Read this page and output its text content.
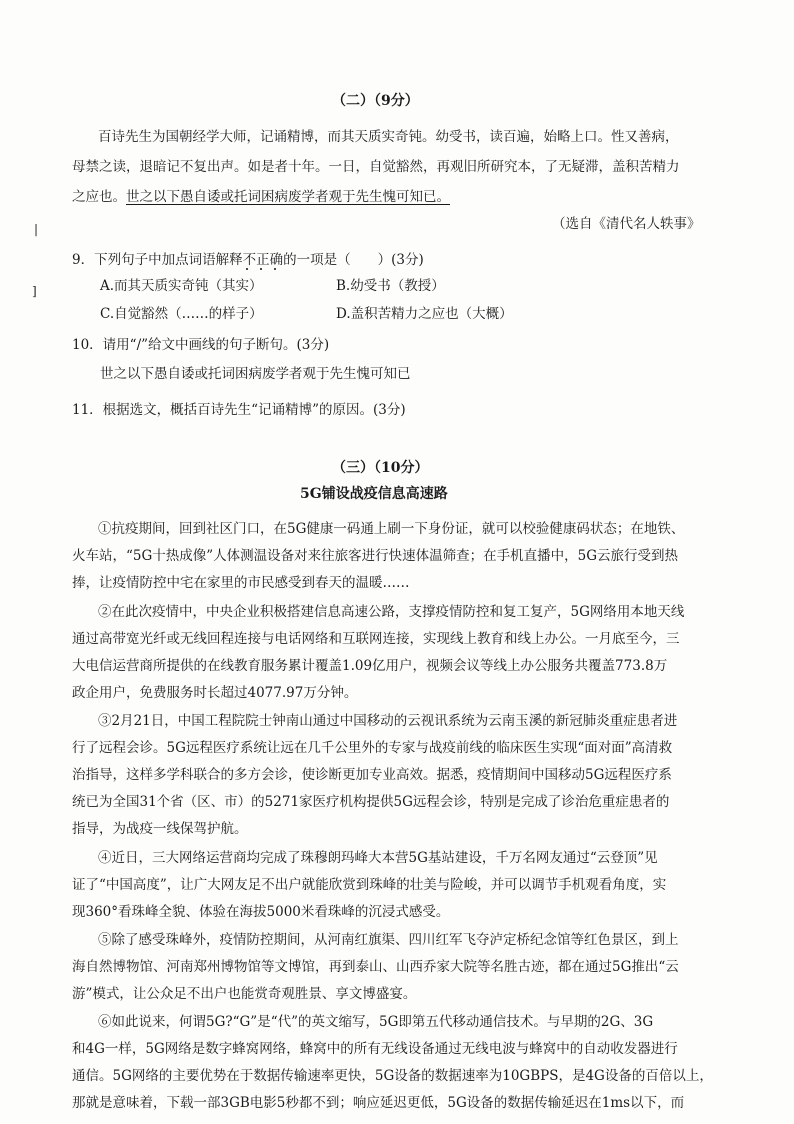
|
]
（二）（9分）
百诗先生为国朝经学大师，记诵精博，而其天质实奇钝。幼受书，读百遍，始略上口。性又善病，
母禁之读，退暗记不复出声。如是者十年。一日，自觉豁然，再观旧所研究本，了无疑滞，盖积苦精力
之应也。世之以下愚自诿或托词困病废学者观于先生愧可知已。
（选自《清代名人轶事》
9．下列句子中加点词语解释不正确的一项是（　　）(3分)
A.而其天质实奇钝（其实）	B.幼受书（教授）
C.自觉豁然（……的样子）	D.盖积苦精力之应也（大概）
10．请用“/”给文中画线的句子断句。(3分)
世之以下愚自诿或托词困病废学者观于先生愧可知已
11．根据选文，概括百诗先生“记诵精博”的原因。(3分)
（三）（10分）
5G铺设战疫信息高速路
①抗疫期间，回到社区门口，在5G健康一码通上刷一下身份证，就可以校验健康码状态；在地铁、
火车站，“5G十热成像”人体测温设备对来往旅客进行快速体温筛查；在手机直播中，5G云旅行受到热
捧，让疫情防控中宅在家里的市民感受到春天的温暖……
②在此次疫情中，中央企业积极搭建信息高速公路，支撑疫情防控和复工复产，5G网络用本地天线
通过高带宽光纤或无线回程连接与电话网络和互联网连接，实现线上教育和线上办公。一月底至今，三
大电信运营商所提供的在线教育服务累计覆盖1.09亿用户，视频会议等线上办公服务共覆盖773.8万
政企用户，免费服务时长超过4077.97万分钟。
③2月21日，中国工程院院士钟南山通过中国移动的云视讯系统为云南玉溪的新冠肺炎重症患者进
行了远程会诊。5G远程医疗系统让远在几千公里外的专家与战疫前线的临床医生实现“面对面”高清救
治指导，这样多学科联合的多方会诊，使诊断更加专业高效。据悉，疫情期间中国移动5G远程医疗系
统已为全国31个省（区、市）的5271家医疗机构提供5G远程会诊，特别是完成了诊治危重症患者的
指导，为战疫一线保驾护航。
④近日，三大网络运营商均完成了珠穆朗玛峰大本营5G基站建设，千万名网友通过“云登顶”见
证了“中国高度”，让广大网友足不出户就能欣赏到珠峰的壮美与险峻，并可以调节手机观看角度，实
现360°看珠峰全貌、体验在海拔5000米看珠峰的沉浸式感受。
⑤除了感受珠峰外，疫情防控期间，从河南红旗渠、四川红军飞夺泸定桥纪念馆等红色景区，到上
海自然博物馆、河南郑州博物馆等文博馆，再到泰山、山西乔家大院等名胜古迹，都在通过5G推出“云
游”模式，让公众足不出户也能赏奇观胜景、享文博盛宴。
⑥如此说来，何谓5G?“G”是“代”的英文缩写，5G即第五代移动通信技术。与早期的2G、3G
和4G一样，5G网络是数字蜂窝网络，蜂窝中的所有无线设备通过无线电波与蜂窝中的自动收发器进行
通信。5G网络的主要优势在于数据传输速率更快，5G设备的数据速率为10GBPS，是4G设备的百倍以上，
那就是意味着，下载一部3GB电影5秒都不到；响应延迟更低，5G设备的数据传输延迟在1ms以下，而
